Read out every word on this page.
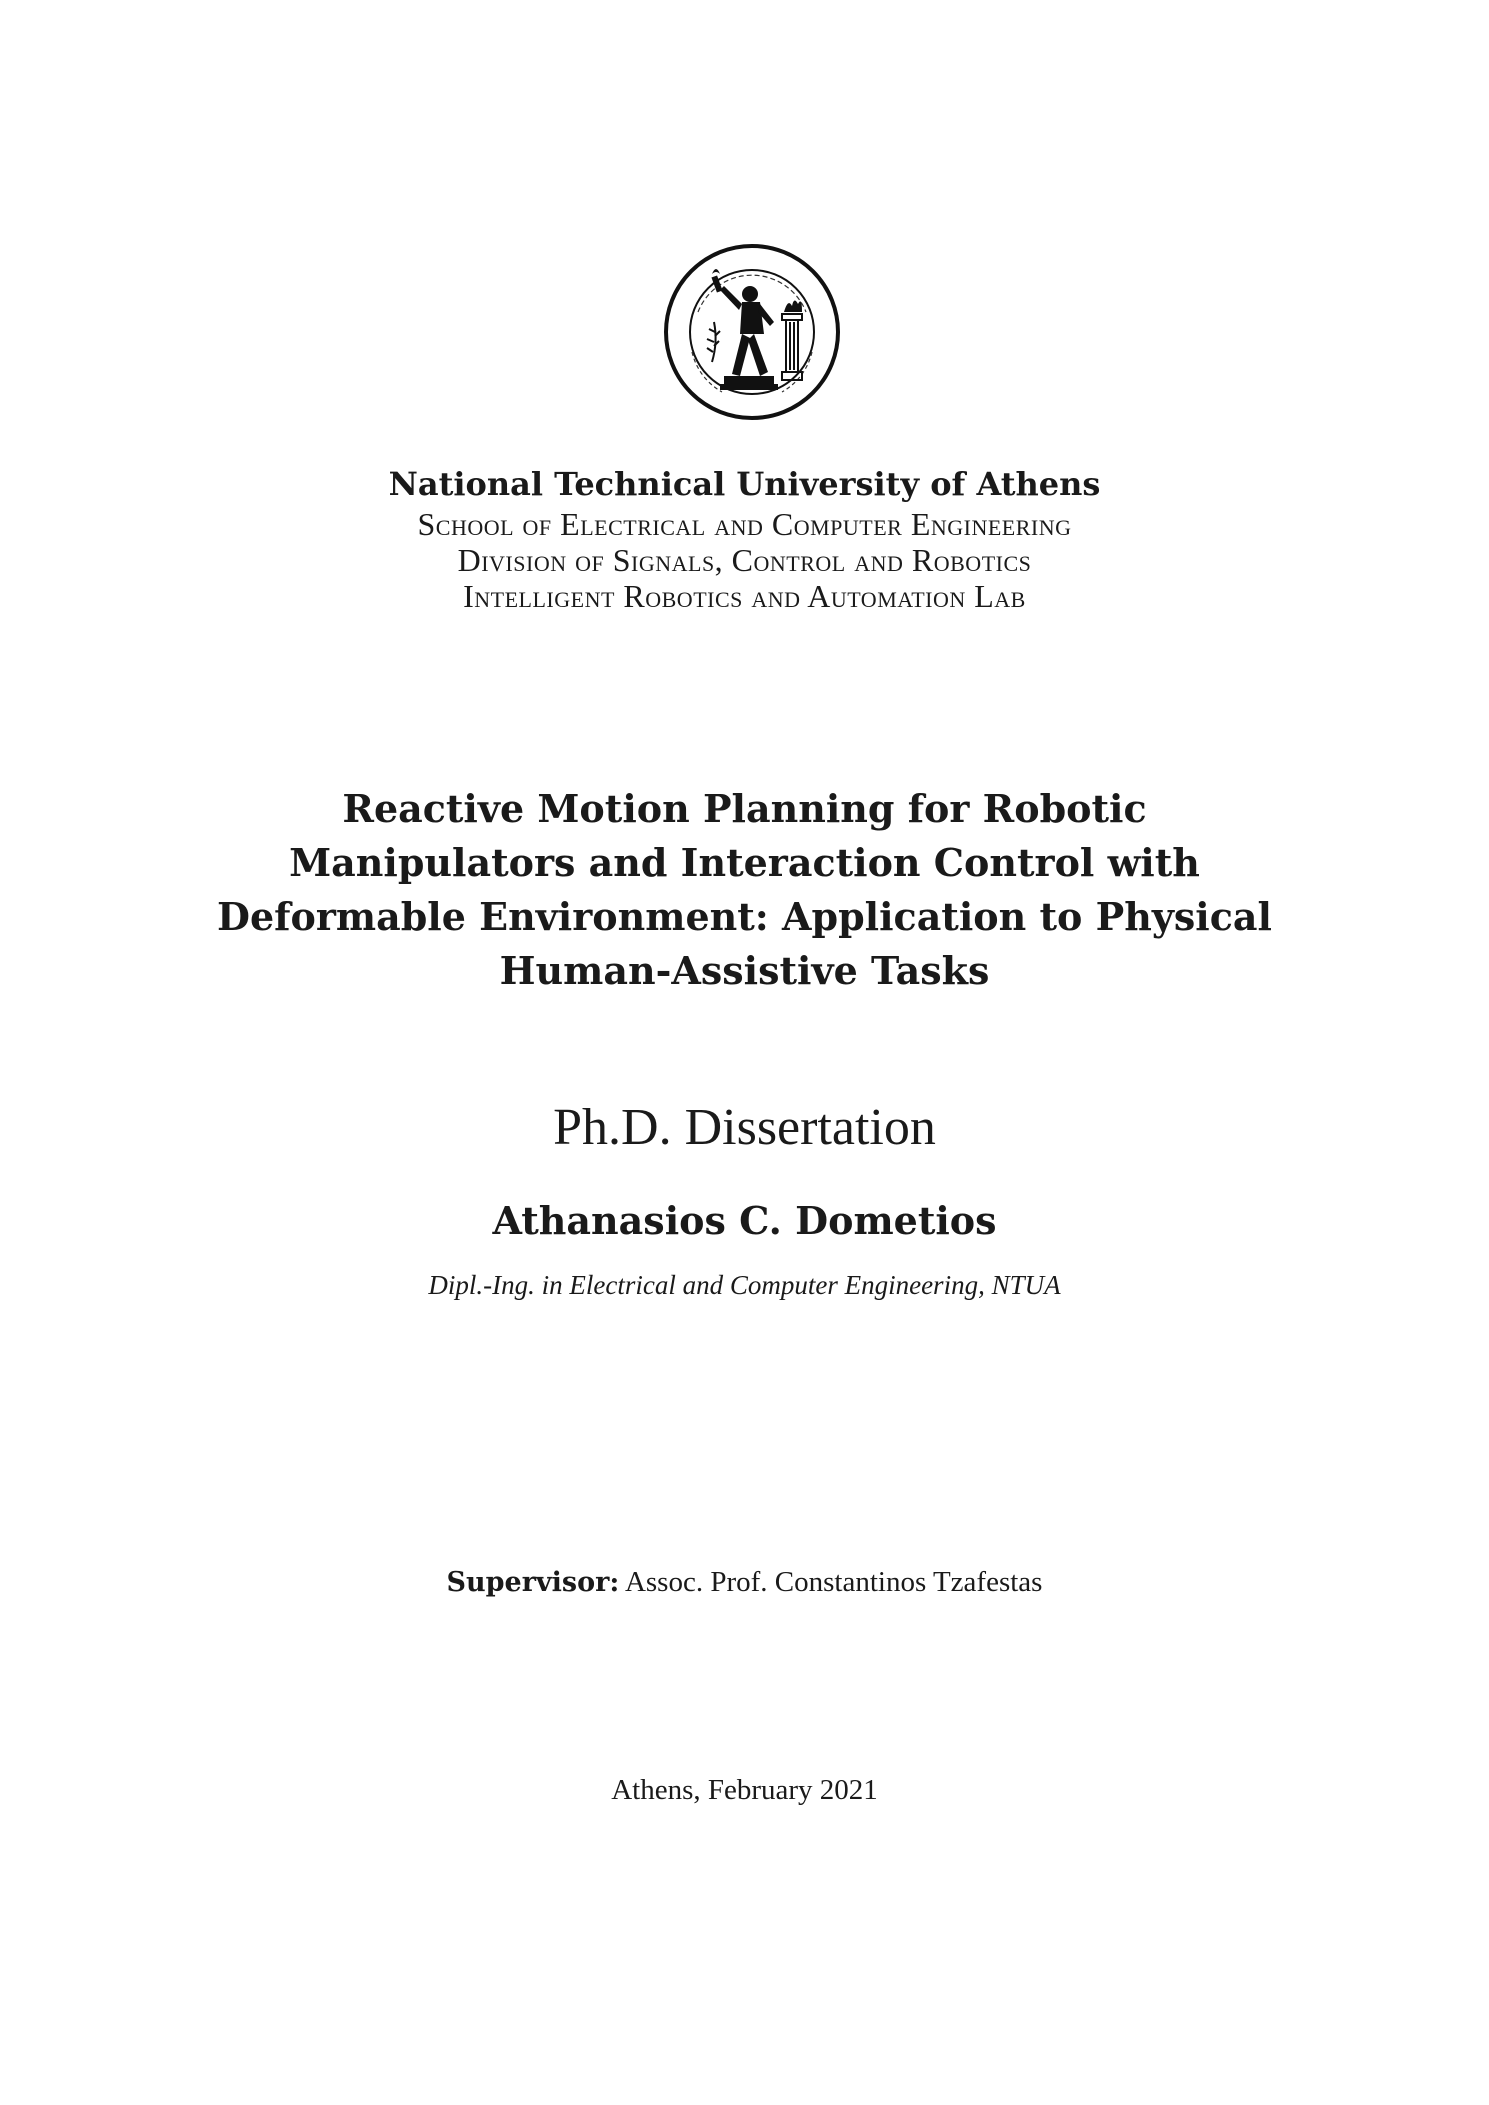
National Technical University of Athens
School of Electrical and Computer Engineering
Division of Signals, Control and Robotics
Intelligent Robotics and Automation Lab
Reactive Motion Planning for Robotic
Manipulators and Interaction Control with
Deformable Environment: Application to Physical
Human-Assistive Tasks
Ph.D. Dissertation
Athanasios C. Dometios
Dipl.-Ing. in Electrical and Computer Engineering, NTUA
Supervisor: Assoc. Prof. Constantinos Tzafestas
Athens, February 2021
